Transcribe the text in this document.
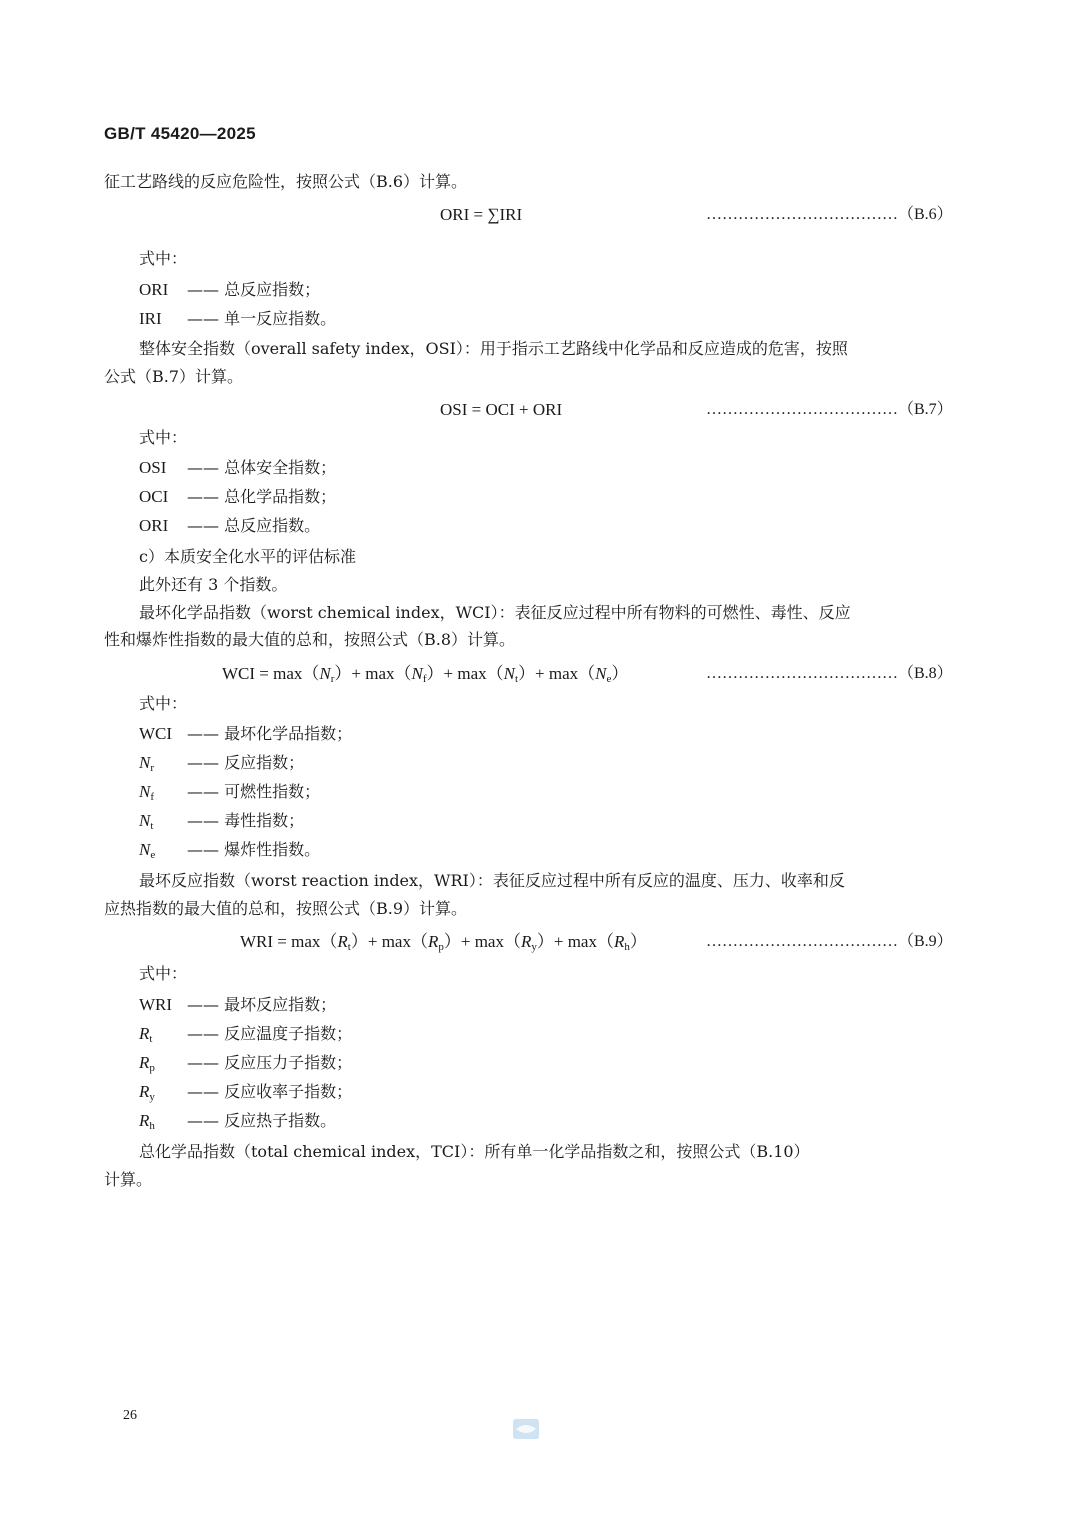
GB/T 45420—2025
征工艺路线的反应危险性，按照公式（B.6）计算。
ORI = ∑IRI	………………………………（B.6）
式中：
ORI —— 总反应指数；
IRI —— 单一反应指数。
整体安全指数（overall safety index，OSI）：用于指示工艺路线中化学品和反应造成的危害，按照
公式（B.7）计算。
OSI = OCI + ORI	………………………………（B.7）
式中：
OSI —— 总体安全指数；
OCI —— 总化学品指数；
ORI —— 总反应指数。
c）本质安全化水平的评估标准
此外还有 3 个指数。
最坏化学品指数（worst chemical index，WCI）：表征反应过程中所有物料的可燃性、毒性、反应
性和爆炸性指数的最大值的总和，按照公式（B.8）计算。
WCI = $\max(N_r)+ \max(N_f)+ \max(N_t)+ \max(N_e)$	………………………………（B.8）
式中：
WCI —— 最坏化学品指数；
$N_r$ —— 反应指数；
$N_f$ —— 可燃性指数；
$N_t$ —— 毒性指数；
$N_e$ —— 爆炸性指数。
最坏反应指数（worst reaction index，WRI）：表征反应过程中所有反应的温度、压力、收率和反
应热指数的最大值的总和，按照公式（B.9）计算。
WRI = $\max(R_t)+ \max(R_p)+ \max(R_y)+ \max(R_h)$	………………………………（B.9）
式中：
WRI —— 最坏反应指数；
$R_t$ —— 反应温度子指数；
$R_p$ —— 反应压力子指数；
$R_y$ —— 反应收率子指数；
$R_h$ —— 反应热子指数。
总化学品指数（total chemical index，TCI）：所有单一化学品指数之和，按照公式（B.10）
计算。
26
